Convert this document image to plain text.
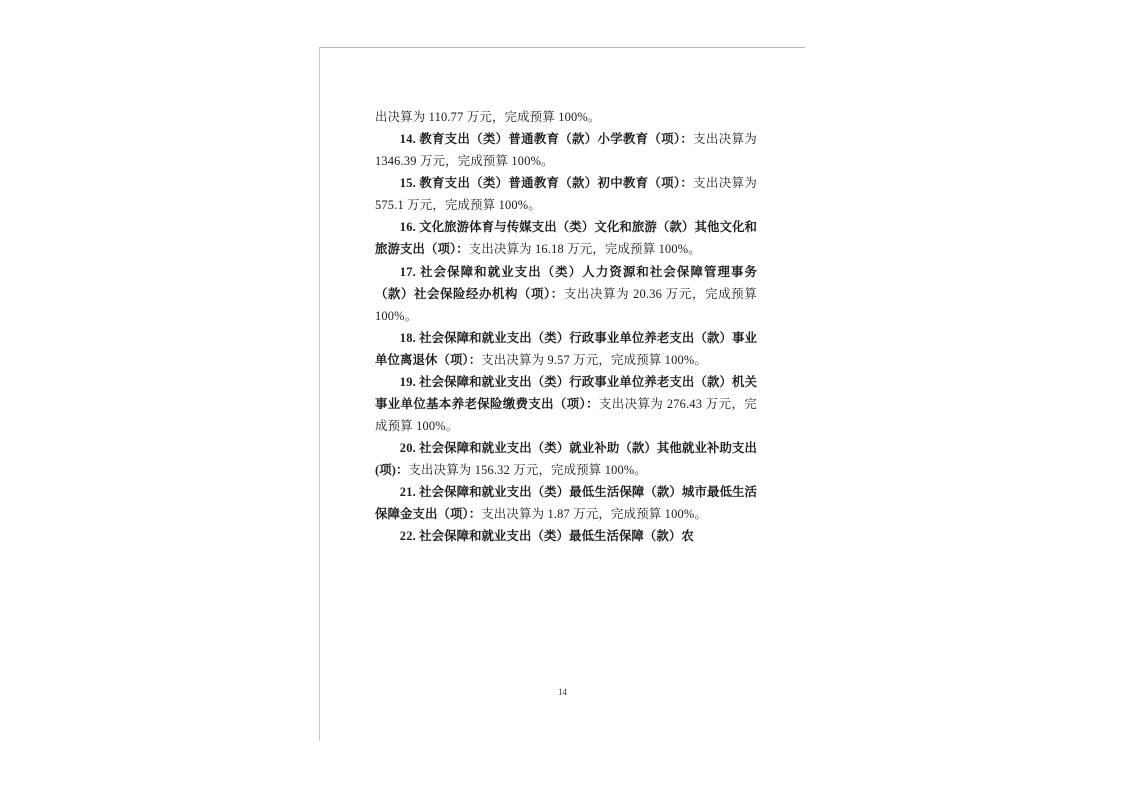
出决算为 110.77 万元，完成预算 100%。

14. 教育支出（类）普通教育（款）小学教育（项）：支出决算为 1346.39 万元，完成预算 100%。

15. 教育支出（类）普通教育（款）初中教育（项）：支出决算为 575.1 万元，完成预算 100%。

16. 文化旅游体育与传媒支出（类）文化和旅游（款）其他文化和旅游支出（项）：支出决算为 16.18 万元，完成预算 100%。

17. 社会保障和就业支出（类）人力资源和社会保障管理事务（款）社会保险经办机构（项）：支出决算为 20.36 万元，完成预算 100%。

18. 社会保障和就业支出（类）行政事业单位养老支出（款）事业单位离退休（项）：支出决算为 9.57 万元，完成预算 100%。

19. 社会保障和就业支出（类）行政事业单位养老支出（款）机关事业单位基本养老保险缴费支出（项）：支出决算为 276.43 万元，完成预算 100%。

20. 社会保障和就业支出（类）就业补助（款）其他就业补助支出(项)：支出决算为 156.32 万元，完成预算 100%。

21. 社会保障和就业支出（类）最低生活保障（款）城市最低生活保障金支出（项）：支出决算为 1.87 万元，完成预算 100%。

22. 社会保障和就业支出（类）最低生活保障（款）农

14
